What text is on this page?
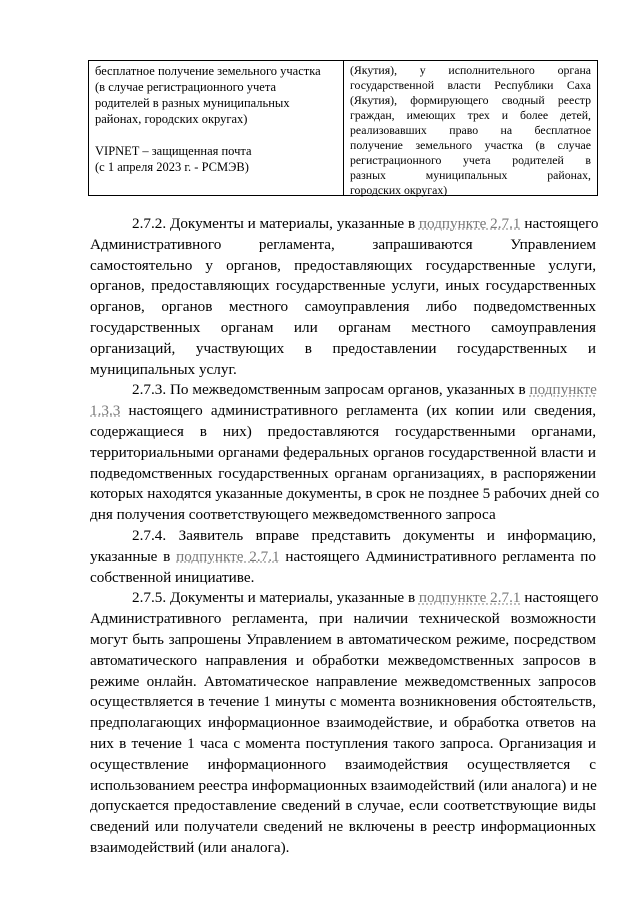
бесплатное получение земельного участка
(в случае регистрационного учета
родителей в разных муниципальных
районах, городских округах)
VIPNET – защищенная почта
(с 1 апреля 2023 г. - РСМЭВ)
(Якутия), у исполнительного органа
государственной власти Республики Саха
(Якутия), формирующего сводный реестр
граждан, имеющих трех и более детей,
реализовавших право на бесплатное
получение земельного участка (в случае
регистрационного учета родителей в
разных муниципальных районах,
городских округах)
2.7.2. Документы и материалы, указанные в подпункте 2.7.1 настоящего
Административного регламента, запрашиваются Управлением
самостоятельно у органов, предоставляющих государственные услуги,
органов, предоставляющих государственные услуги, иных государственных
органов, органов местного самоуправления либо подведомственных
государственных органам или органам местного самоуправления
организаций, участвующих в предоставлении государственных и
муниципальных услуг.
2.7.3. По межведомственным запросам органов, указанных в подпункте
1.3.3 настоящего административного регламента (их копии или сведения,
содержащиеся в них) предоставляются государственными органами,
территориальными органами федеральных органов государственной власти и
подведомственных государственных органам организациях, в распоряжении
которых находятся указанные документы, в срок не позднее 5 рабочих дней со
дня получения соответствующего межведомственного запроса
2.7.4. Заявитель вправе представить документы и информацию,
указанные в подпункте 2.7.1 настоящего Административного регламента по
собственной инициативе.
2.7.5. Документы и материалы, указанные в подпункте 2.7.1 настоящего
Административного регламента, при наличии технической возможности
могут быть запрошены Управлением в автоматическом режиме, посредством
автоматического направления и обработки межведомственных запросов в
режиме онлайн. Автоматическое направление межведомственных запросов
осуществляется в течение 1 минуты с момента возникновения обстоятельств,
предполагающих информационное взаимодействие, и обработка ответов на
них в течение 1 часа с момента поступления такого запроса. Организация и
осуществление информационного взаимодействия осуществляется с
использованием реестра информационных взаимодействий (или аналога) и не
допускается предоставление сведений в случае, если соответствующие виды
сведений или получатели сведений не включены в реестр информационных
взаимодействий (или аналога).
